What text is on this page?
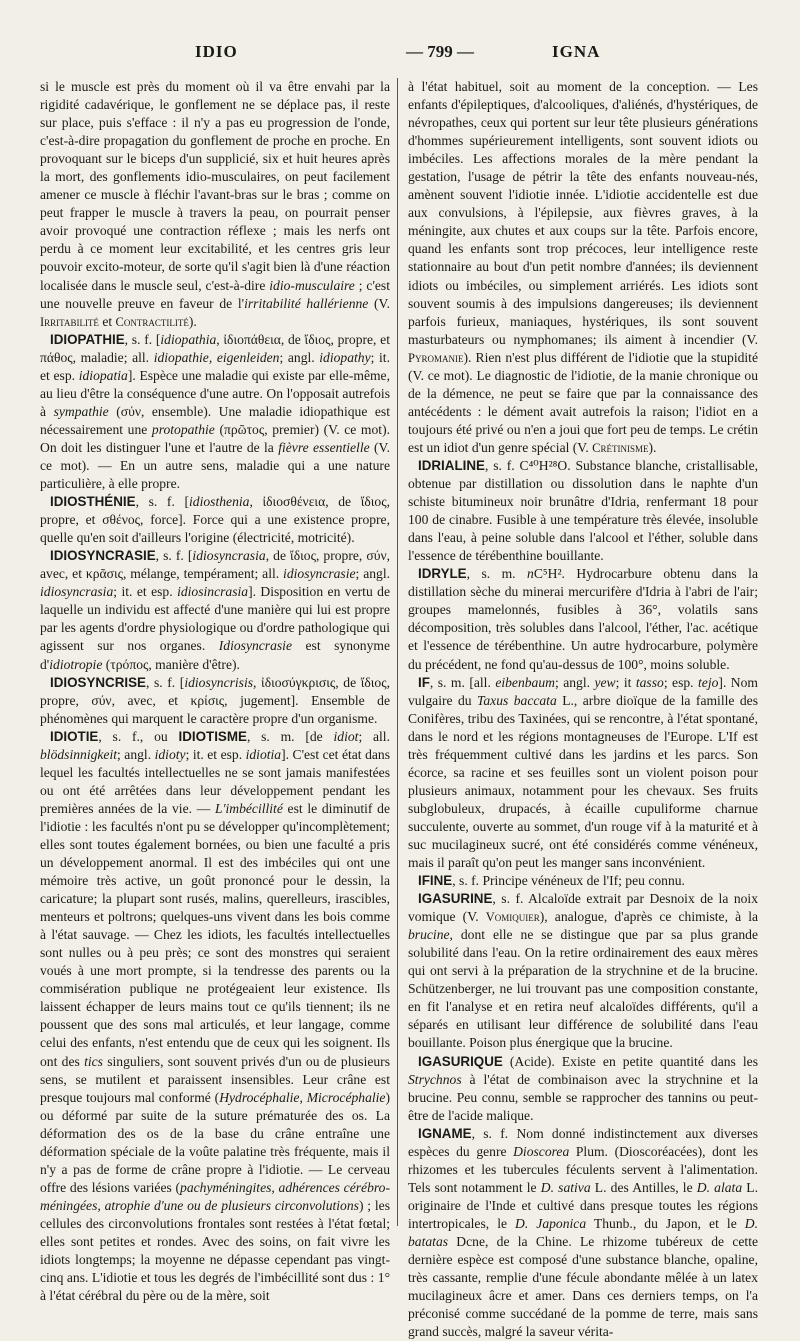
IDIO	— 799 —	IGNA

si le muscle est près du moment où il va être envahi par la rigidité cadavérique, le gonflement ne se déplace pas, il reste sur place, puis s'efface : il n'y a pas eu progression de l'onde, c'est-à-dire propagation du gonflement de proche en proche. En provoquant sur le biceps d'un supplicié, six et huit heures après la mort, des gonflements idio-musculaires, on peut facilement amener ce muscle à fléchir l'avant-bras sur le bras ; comme on peut frapper le muscle à travers la peau, on pourrait penser avoir provoqué une contraction réflexe ; mais les nerfs ont perdu à ce moment leur excitabilité, et les centres gris leur pouvoir excito-moteur, de sorte qu'il s'agit bien là d'une réaction localisée dans le muscle seul, c'est-à-dire idio-musculaire ; c'est une nouvelle preuve en faveur de l'irritabilité hallérienne (V. Irritabilité et Contractilité).

IDIOPATHIE, s. f. [idiopathia, ἰδιοπάθεια, de ἴδιος, propre, et πάθος, maladie; all. idiopathie, eigenleiden; angl. idiopathy; it. et esp. idiopatia]. Espèce une maladie qui existe par elle-même, au lieu d'être la conséquence d'une autre. On l'opposait autrefois à sympathie (σύν, ensemble). Une maladie idiopathique est nécessairement une protopathie (πρῶτος, premier) (V. ce mot). On doit les distinguer l'une et l'autre de la fièvre essentielle (V. ce mot). — En un autre sens, maladie qui a une nature particulière, à elle propre.

IDIOSTHÉNIE, s. f. [idiosthenia, ἰδιοσθένεια, de ἴδιος, propre, et σθένος, force]. Force qui a une existence propre, quelle qu'en soit d'ailleurs l'origine (électricité, motricité).

IDIOSYNCRASIE, s. f. [idiosyncrasia, de ἴδιος, propre, σύν, avec, et κρᾶσις, mélange, tempérament; all. idiosyncrasie; angl. idiosyncrasia; it. et esp. idiosincrasia]. Disposition en vertu de laquelle un individu est affecté d'une manière qui lui est propre par les agents d'ordre physiologique ou d'ordre pathologique qui agissent sur nos organes. Idiosyncrasie est synonyme d'idiotropie (τρόπος, manière d'être).

IDIOSYNCRISE, s. f. [idiosyncrisis, ἰδιοσύγκρισις, de ἴδιος, propre, σύν, avec, et κρίσις, jugement]. Ensemble de phénomènes qui marquent le caractère propre d'un organisme.

IDIOTIE, s. f., ou IDIOTISME, s. m. [de idiot; all. blödsinnigkeit; angl. idioty; it. et esp. idiotia]. C'est cet état dans lequel les facultés intellectuelles ne se sont jamais manifestées ou ont été arrêtées dans leur développement pendant les premières années de la vie. — L'imbécillité est le diminutif de l'idiotie : les facultés n'ont pu se développer qu'incomplètement; elles sont toutes également bornées, ou bien une faculté a pris un développement anormal. Il est des imbéciles qui ont une mémoire très active, un goût prononcé pour le dessin, la caricature; la plupart sont rusés, malins, querelleurs, irascibles, menteurs et poltrons; quelques-uns vivent dans les bois comme à l'état sauvage. — Chez les idiots, les facultés intellectuelles sont nulles ou à peu près; ce sont des monstres qui seraient voués à une mort prompte, si la tendresse des parents ou la commisération publique ne protégeaient leur existence. Ils laissent échapper de leurs mains tout ce qu'ils tiennent; ils ne poussent que des sons mal articulés, et leur langage, comme celui des enfants, n'est entendu que de ceux qui les soignent. Ils ont des tics singuliers, sont souvent privés d'un ou de plusieurs sens, se mutilent et paraissent insensibles. Leur crâne est presque toujours mal conformé (Hydrocéphalie, Microcéphalie) ou déformé par suite de la suture prématurée des os. La déformation des os de la base du crâne entraîne une déformation spéciale de la voûte palatine très fréquente, mais il n'y a pas de forme de crâne propre à l'idiotie. — Le cerveau offre des lésions variées (pachyméningites, adhérences cérébro-méningées, atrophie d'une ou de plusieurs circonvolutions) ; les cellules des circonvolutions frontales sont restées à l'état fœtal; elles sont petites et rondes. Avec des soins, on fait vivre les idiots longtemps; la moyenne ne dépasse cependant pas vingt-cinq ans. L'idiotie et tous les degrés de l'imbécillité sont dus : 1° à l'état cérébral du père ou de la mère, soit

à l'état habituel, soit au moment de la conception. — Les enfants d'épileptiques, d'alcooliques, d'aliénés, d'hystériques, de névropathes, ceux qui portent sur leur tête plusieurs générations d'hommes supérieurement intelligents, sont souvent idiots ou imbéciles. Les affections morales de la mère pendant la gestation, l'usage de pétrir la tête des enfants nouveau-nés, amènent souvent l'idiotie innée. L'idiotie accidentelle est due aux convulsions, à l'épilepsie, aux fièvres graves, à la méningite, aux chutes et aux coups sur la tête. Parfois encore, quand les enfants sont trop précoces, leur intelligence reste stationnaire au bout d'un petit nombre d'années; ils deviennent idiots ou imbéciles, ou simplement arriérés. Les idiots sont souvent soumis à des impulsions dangereuses; ils deviennent parfois furieux, maniaques, hystériques, ils sont souvent masturbateurs ou nymphomanes; ils aiment à incendier (V. Pyromanie). Rien n'est plus différent de l'idiotie que la stupidité (V. ce mot). Le diagnostic de l'idiotie, de la manie chronique ou de la démence, ne peut se faire que par la connaissance des antécédents : le dément avait autrefois la raison; l'idiot en a toujours été privé ou n'en a joui que fort peu de temps. Le crétin est un idiot d'un genre spécial (V. Crétinisme).

IDRIALINE, s. f. C⁴⁰H²⁸O. Substance blanche, cristallisable, obtenue par distillation ou dissolution dans le naphte d'un schiste bitumineux noir brunâtre d'Idria, renfermant 18 pour 100 de cinabre. Fusible à une température très élevée, insoluble dans l'eau, à peine soluble dans l'alcool et l'éther, soluble dans l'essence de térébenthine bouillante.

IDRYLE, s. m. nC⁵H². Hydrocarbure obtenu dans la distillation sèche du minerai mercurifère d'Idria à l'abri de l'air; groupes mamelonnés, fusibles à 36°, volatils sans décomposition, très solubles dans l'alcool, l'éther, l'ac. acétique et l'essence de térébenthine. Un autre hydrocarbure, polymère du précédent, ne fond qu'au-dessus de 100°, moins soluble.

IF, s. m. [all. eibenbaum; angl. yew; it tasso; esp. tejo]. Nom vulgaire du Taxus baccata L., arbre dioïque de la famille des Conifères, tribu des Taxinées, qui se rencontre, à l'état spontané, dans le nord et les régions montagneuses de l'Europe. L'If est très fréquemment cultivé dans les jardins et les parcs. Son écorce, sa racine et ses feuilles sont un violent poison pour plusieurs animaux, notamment pour les chevaux. Ses fruits subglobuleux, drupacés, à écaille cupuliforme charnue succulente, ouverte au sommet, d'un rouge vif à la maturité et à suc mucilagineux sucré, ont été considérés comme vénéneux, mais il paraît qu'on peut les manger sans inconvénient.

IFINE, s. f. Principe vénéneux de l'If; peu connu.

IGASURINE, s. f. Alcaloïde extrait par Desnoix de la noix vomique (V. Vomiquier), analogue, d'après ce chimiste, à la brucine, dont elle ne se distingue que par sa plus grande solubilité dans l'eau. On la retire ordinairement des eaux mères qui ont servi à la préparation de la strychnine et de la brucine. Schützenberger, ne lui trouvant pas une composition constante, en fit l'analyse et en retira neuf alcaloïdes différents, qu'il a séparés en utilisant leur différence de solubilité dans l'eau bouillante. Poison plus énergique que la brucine.

IGASURIQUE (Acide). Existe en petite quantité dans les Strychnos à l'état de combinaison avec la strychnine et la brucine. Peu connu, semble se rapprocher des tannins ou peut-être de l'acide malique.

IGNAME, s. f. Nom donné indistinctement aux diverses espèces du genre Dioscorea Plum. (Dioscoréacées), dont les rhizomes et les tubercules féculents servent à l'alimentation. Tels sont notamment le D. sativa L. des Antilles, le D. alata L. originaire de l'Inde et cultivé dans presque toutes les régions intertropicales, le D. Japonica Thunb., du Japon, et le D. batatas Dcne, de la Chine. Le rhizome tubéreux de cette dernière espèce est composé d'une substance blanche, opaline, très cassante, remplie d'une fécule abondante mêlée à un latex mucilagineux âcre et amer. Dans ces derniers temps, on l'a préconisé comme succédané de la pomme de terre, mais sans grand succès, malgré la saveur vérita-
